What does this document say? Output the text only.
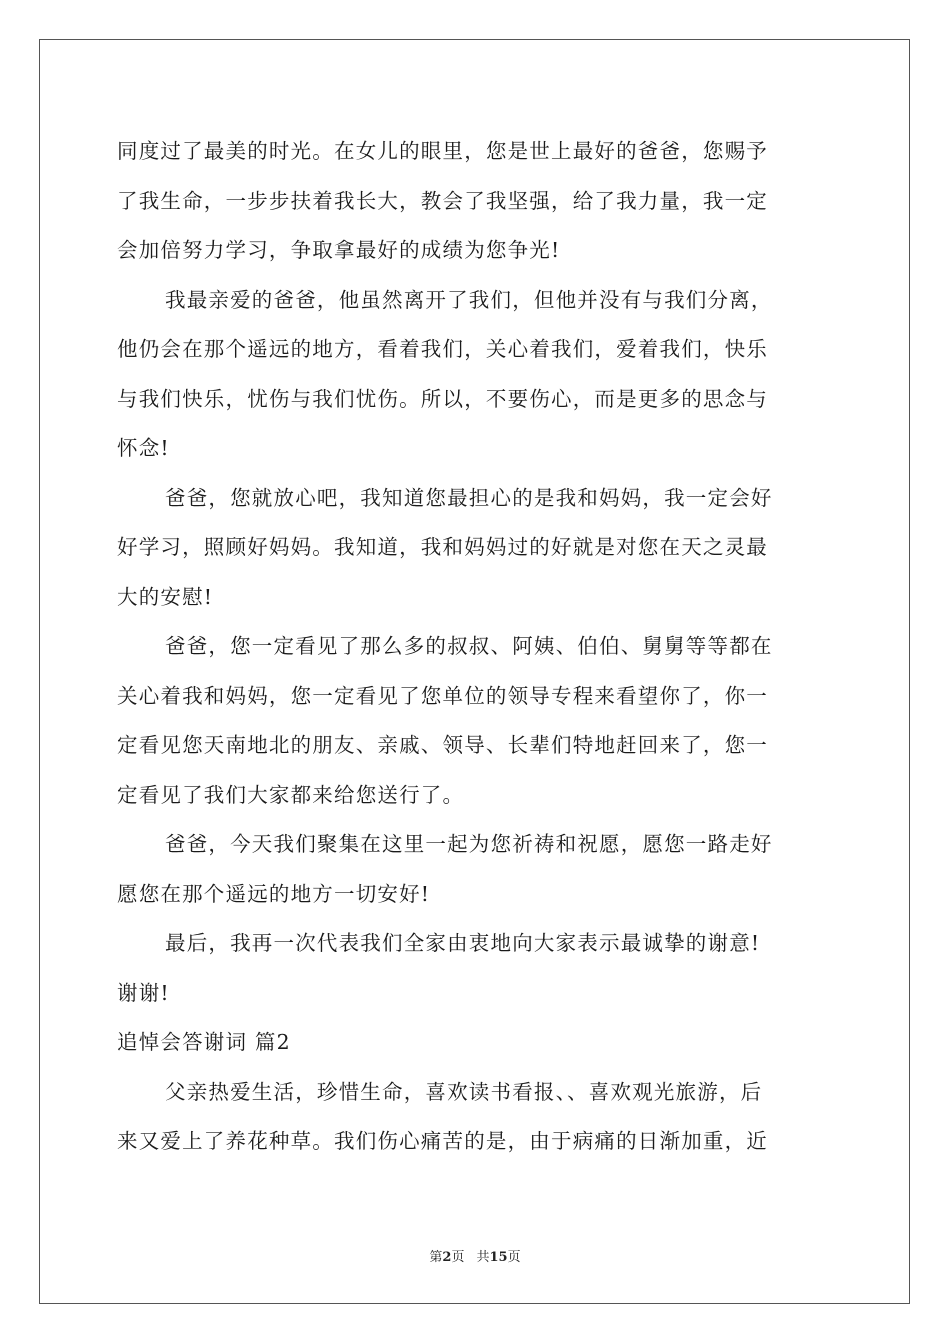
同度过了最美的时光。在女儿的眼里，您是世上最好的爸爸，您赐予
了我生命，一步步扶着我长大，教会了我坚强，给了我力量，我一定
会加倍努力学习，争取拿最好的成绩为您争光!
我最亲爱的爸爸，他虽然离开了我们，但他并没有与我们分离，
他仍会在那个遥远的地方，看着我们，关心着我们，爱着我们，快乐
与我们快乐，忧伤与我们忧伤。所以，不要伤心，而是更多的思念与
怀念!
爸爸，您就放心吧，我知道您最担心的是我和妈妈，我一定会好
好学习，照顾好妈妈。我知道，我和妈妈过的好就是对您在天之灵最
大的安慰!
爸爸，您一定看见了那么多的叔叔、阿姨、伯伯、舅舅等等都在
关心着我和妈妈，您一定看见了您单位的领导专程来看望你了，你一
定看见您天南地北的朋友、亲戚、领导、长辈们特地赶回来了，您一
定看见了我们大家都来给您送行了。
爸爸，今天我们聚集在这里一起为您祈祷和祝愿，愿您一路走好
愿您在那个遥远的地方一切安好!
最后，我再一次代表我们全家由衷地向大家表示最诚挚的谢意!
谢谢!
追悼会答谢词 篇2
父亲热爱生活，珍惜生命，喜欢读书看报、、喜欢观光旅游，后
来又爱上了养花种草。我们伤心痛苦的是，由于病痛的日渐加重，近
第2页 共15页
